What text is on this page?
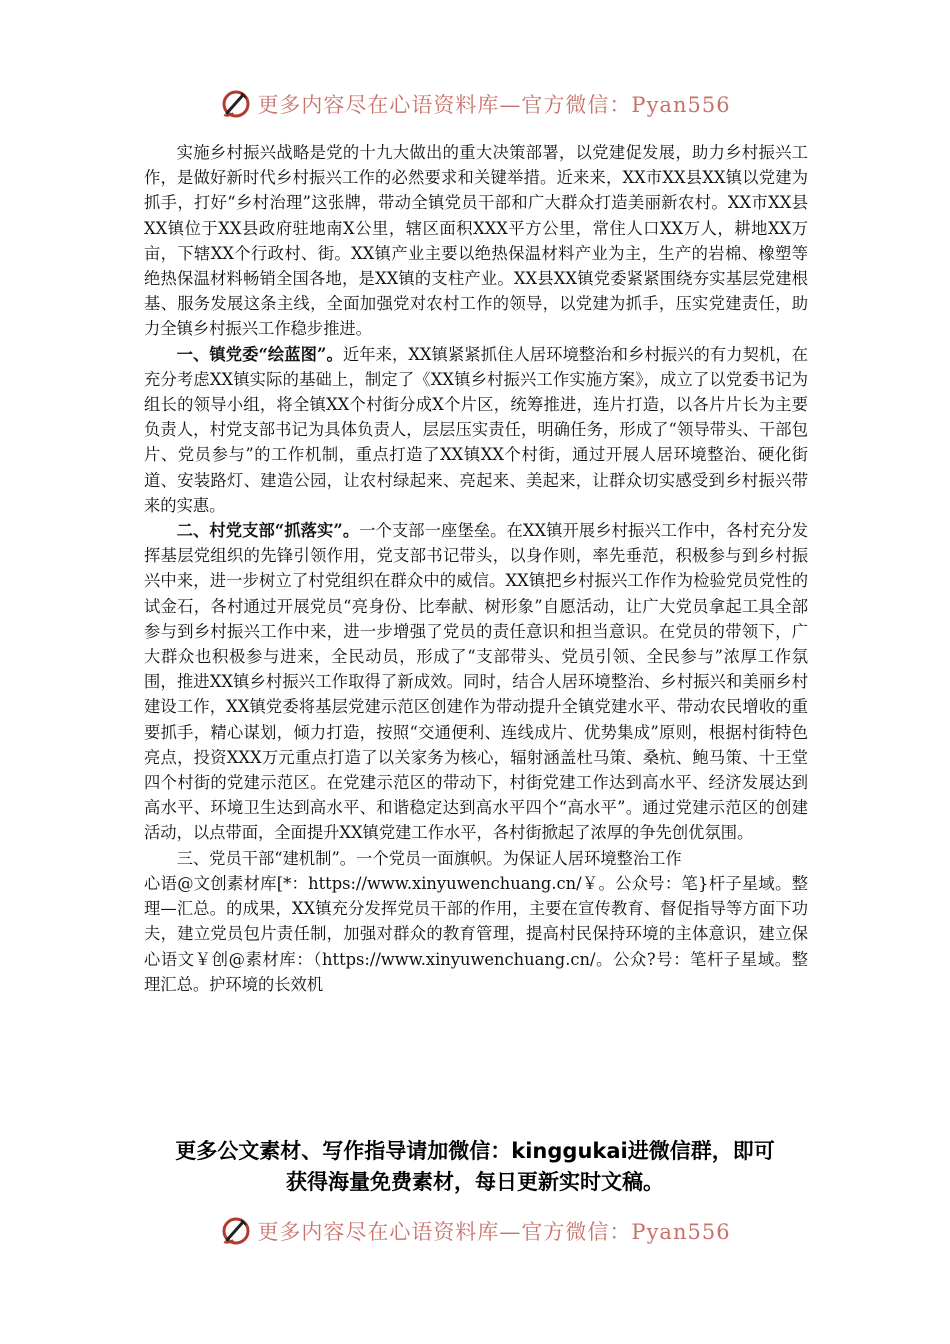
更多内容尽在心语资料库—官方微信：Pyan556

实施乡村振兴战略是党的十九大做出的重大决策部署，以党建促发展，助力乡村振兴工作，是做好新时代乡村振兴工作的必然要求和关键举措。近来来，XX市XX县XX镇以党建为抓手，打好“乡村治理”这张牌，带动全镇党员干部和广大群众打造美丽新农村。XX市XX县XX镇位于XX县政府驻地南X公里，辖区面积XXX平方公里，常住人口XX万人，耕地XX万亩，下辖XX个行政村、街。XX镇产业主要以绝热保温材料产业为主，生产的岩棉、橡塑等绝热保温材料畅销全国各地，是XX镇的支柱产业。XX县XX镇党委紧紧围绕夯实基层党建根基、服务发展这条主线，全面加强党对农村工作的领导，以党建为抓手，压实党建责任，助力全镇乡村振兴工作稳步推进。

一、镇党委“绘蓝图”。近年来，XX镇紧紧抓住人居环境整治和乡村振兴的有力契机，在充分考虑XX镇实际的基础上，制定了《XX镇乡村振兴工作实施方案》，成立了以党委书记为组长的领导小组，将全镇XX个村街分成X个片区，统筹推进，连片打造，以各片片长为主要负责人，村党支部书记为具体负责人，层层压实责任，明确任务，形成了“领导带头、干部包片、党员参与”的工作机制，重点打造了XX镇XX个村街，通过开展人居环境整治、硬化街道、安装路灯、建造公园，让农村绿起来、亮起来、美起来，让群众切实感受到乡村振兴带来的实惠。

二、村党支部“抓落实”。一个支部一座堡垒。在XX镇开展乡村振兴工作中，各村充分发挥基层党组织的先锋引领作用，党支部书记带头，以身作则，率先垂范，积极参与到乡村振兴中来，进一步树立了村党组织在群众中的威信。XX镇把乡村振兴工作作为检验党员党性的试金石，各村通过开展党员“亮身份、比奉献、树形象”自愿活动，让广大党员拿起工具全部参与到乡村振兴工作中来，进一步增强了党员的责任意识和担当意识。在党员的带领下，广大群众也积极参与进来，全民动员，形成了“支部带头、党员引领、全民参与”浓厚工作氛围，推进XX镇乡村振兴工作取得了新成效。同时，结合人居环境整治、乡村振兴和美丽乡村建设工作，XX镇党委将基层党建示范区创建作为带动提升全镇党建水平、带动农民增收的重要抓手，精心谋划，倾力打造，按照“交通便利、连线成片、优势集成”原则，根据村街特色亮点，投资XXX万元重点打造了以关家务为核心，辐射涵盖杜马策、桑杭、鲍马策、十王堂四个村街的党建示范区。在党建示范区的带动下，村街党建工作达到高水平、经济发展达到高水平、环境卫生达到高水平、和谐稳定达到高水平四个“高水平”。通过党建示范区的创建活动，以点带面，全面提升XX镇党建工作水平，各村街掀起了浓厚的争先创优氛围。

三、党员干部“建机制”。一个党员一面旗帜。为保证人居环境整治工作

心语@文创素材库[*：https://www.xinyuwenchuang.cn/￥。公众号：笔}杆子星域。整理—汇总。的成果，XX镇充分发挥党员干部的作用，主要在宣传教育、督促指导等方面下功夫，建立党员包片责任制，加强对群众的教育管理，提高村民保持环境的主体意识，建立保心语文￥创@素材库：（https://www.xinyuwenchuang.cn/。公众?号：笔杆子星域。整理汇总。护环境的长效机

更多公文素材、写作指导请加微信：kinggukai进微信群，即可
获得海量免费素材，每日更新实时文稿。
更多内容尽在心语资料库—官方微信：Pyan556
